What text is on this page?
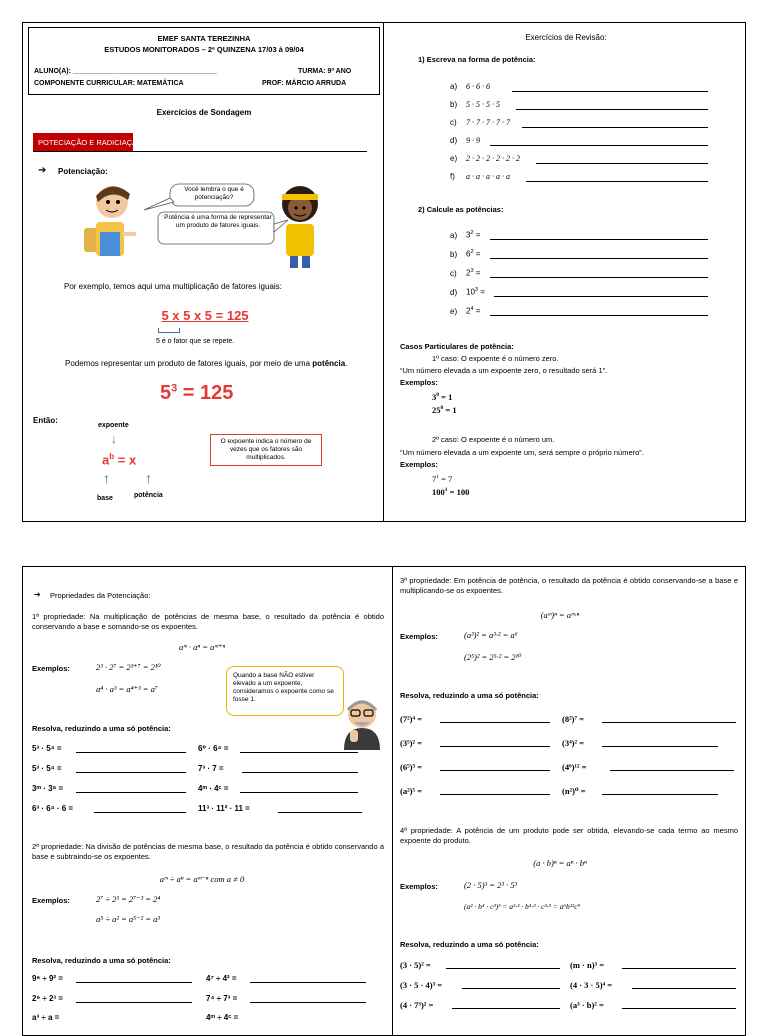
EMEF SANTA TEREZINHA
ESTUDOS MONITORADOS – 2ª QUINZENA 17/03 à 09/04
ALUNO(A): _____________________________________	TURMA: 9º ANO
COMPONENTE CURRICULAR: MATEMÁTICA	PROF: MÁRCIO ARRUDA
Exercícios de Sondagem
POTECIAÇÃO E RADICIAÇÃO
➔ Potenciação:
Você lembra o que é potenciação?
Potência é uma forma de representar um produto de fatores iguais.
Por exemplo, temos aqui uma multiplicação de fatores iguais:
5 x 5 x 5 = 125
5 é o fator que se repete.
Podemos representar um produto de fatores iguais, por meio de uma potência.
$5^3 = 125$
Então:
expoente
↓
$a^b = x$
↑	↑
base	potência
O expoente indica o número de vezes que os fatores são multiplicados.
Exercícios de Revisão:
1) Escreva na forma de potência:
a) 6 · 6 · 6
b) 5 · 5 · 5 · 5
c) 7 · 7 · 7 · 7 · 7
d) 9 · 9
e) 2 · 2 · 2 · 2 · 2 · 2
f) a · a · a · a · a
2) Calcule as potências:
a) $3^2$ =
b) $6^2$ =
c) $2^3$ =
d) $10^3$ =
e) $2^4$ =
Casos Particulares de potência:
1º caso: O expoente é o número zero.
“Um número elevada a um expoente zero, o resultado será 1”.
Exemplos:
$3^0 = 1$
$25^0 = 1$
2º caso: O expoente é o número um.
“Um número elevada a um expoente um, será sempre o próprio número”.
Exemplos:
$7^1 = 7$
$100^1 = 100$
➔ Propriedades da Potenciação:
1ª propriedade: Na multiplicação de potências de mesma base, o resultado da potência é obtido conservando a base e somando-se os expoentes.
aᵐ · aⁿ = aᵐ⁺ⁿ
Exemplos:	2³ · 2⁷ = 2³⁺⁷ = 2¹⁰
a⁴ · a³ = a⁴⁺³ = a⁷
Quando a base NÃO estiver elevado a um expoente, consideramos o expoente como se fosse 1.
Resolva, reduzindo a uma só potência:
5³ · 5⁴ =	6⁰ · 6⁴ =
5³ · 5⁴ =	7³ · 7 =
3ᵐ · 3⁸ =	4ᵐ · 4ᶜ =
6³ · 6⁴ · 6 =	11³ · 11² · 11 =
2ª propriedade: Na divisão de potências de mesma base, o resultado da potência é obtido conservando a base e subtraindo-se os expoentes.
aᵐ ÷ aⁿ = aᵐ⁻ⁿ com a ≠ 0
Exemplos:	2⁷ ÷ 2³ = 2⁷⁻³ = 2⁴
a⁵ ÷ a² = a⁵⁻² = a³
Resolva, reduzindo a uma só potência:
9⁶ ÷ 9² =	4⁷ ÷ 4² =
2⁶ ÷ 2³ =	7⁴ ÷ 7³ =
a³ ÷ a =	4ᵐ ÷ 4ᶜ =
3ª propriedade: Em potência de potência, o resultado da potência é obtido conservando-se a base e multiplicando-se os expoentes.
(aᵐ)ⁿ = aᵐ·ⁿ
Exemplos:	(a³)² = a³·² = a⁶
(2⁵)² = 2⁵·² = 2¹⁰
Resolva, reduzindo a uma só potência:
(7²)⁴ =	(8²)⁷ =
(3⁵)² =	(3⁴)² =
(6⁵)³ =	(4⁶)¹² =
(a²)⁵ =	(n²)⁰ =
4ª propriedade: A potência de um produto pode ser obtida, elevando-se cada termo ao mesmo expoente do produto.
(a · b)ⁿ = aⁿ · bⁿ
Exemplos:	(2 · 5)³ = 2³ · 5³
(a² · b⁴ · c³)³ = a²·³ · b⁴·³ · c³·³ = a⁶b¹²c⁹
Resolva, reduzindo a uma só potência:
(3 · 5)² =	(m · n)³ =
(3 · 5 · 4)³ =	(4 · 3 · 5)⁴ =
(4 · 7³)² =	(a³ · b)² =
